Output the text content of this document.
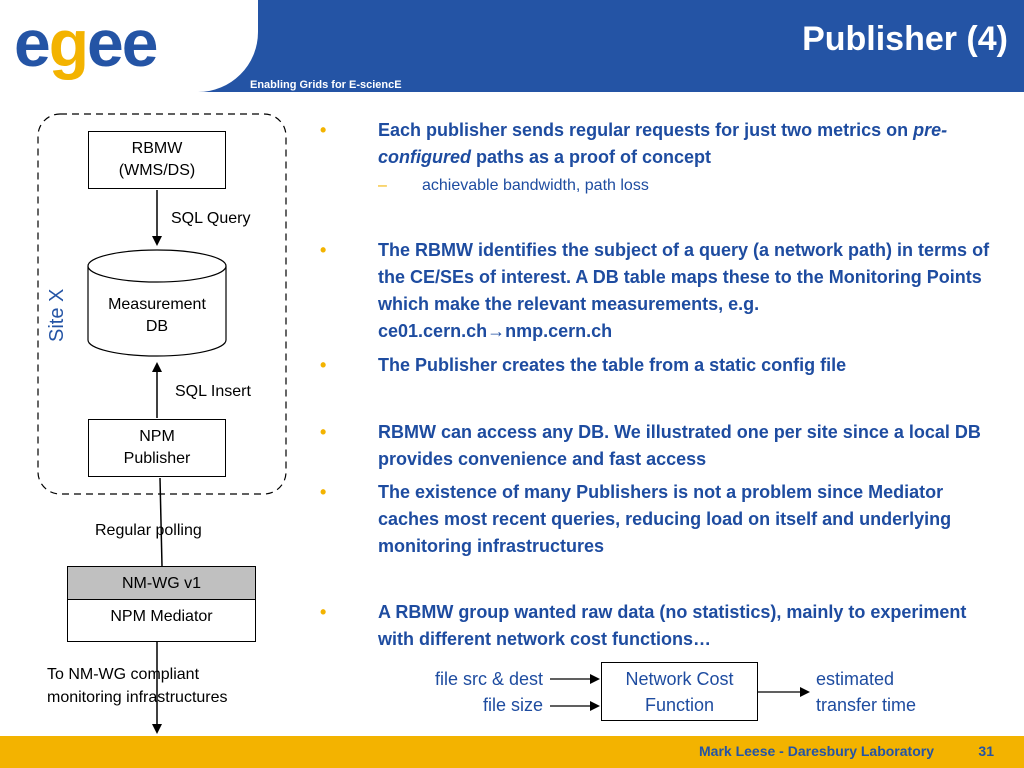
egee
Enabling Grids for E-sciencE
Publisher (4)
Site X
RBMW
(WMS/DS)
SQL Query
Measurement
DB
SQL Insert
NPM
Publisher
Regular polling
NM-WG v1
NPM Mediator
To NM-WG compliant
monitoring infrastructures
•	Each publisher sends regular requests for just two metrics on pre-configured paths as a proof of concept
– achievable bandwidth, path loss
•	The RBMW identifies the subject of a query (a network path) in terms of the CE/SEs of interest. A DB table maps these to the Monitoring Points which make the relevant measurements, e.g. ce01.cern.ch→nmp.cern.ch
•	The Publisher creates the table from a static config file
•	RBMW can access any DB. We illustrated one per site since a local DB provides convenience and fast access
•	The existence of many Publishers is not a problem since Mediator caches most recent queries, reducing load on itself and underlying monitoring infrastructures
•	A RBMW group wanted raw data (no statistics), mainly to experiment with different network cost functions…
file src & dest
file size
Network Cost
Function
estimated
transfer time
Mark Leese - Daresbury Laboratory	31
